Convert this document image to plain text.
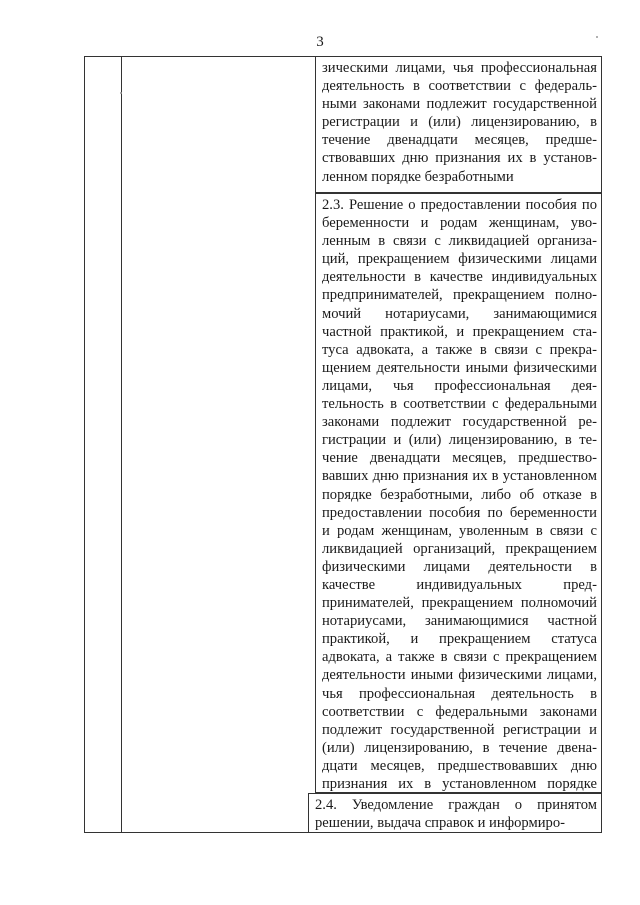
3

зическими лицами, чья профессиональная деятельность в соответствии с федеральными законами подлежит государственной регистрации и (или) лицензированию, в течение двенадцати месяцев, предшествовавших дню признания их в установленном порядке безработными

2.3. Решение о предоставлении пособия по беременности и родам женщинам, уволенным в связи с ликвидацией организаций, прекращением физическими лицами деятельности в качестве индивидуальных предпринимателей, прекращением полномочий нотариусами, занимающимися частной практикой, и прекращением статуса адвоката, а также в связи с прекращением деятельности иными физическими лицами, чья профессиональная деятельность в соответствии с федеральными законами подлежит государственной регистрации и (или) лицензированию, в течение двенадцати месяцев, предшествовавших дню признания их в установленном порядке безработными, либо об отказе в предоставлении пособия по беременности и родам женщинам, уволенным в связи с ликвидацией организаций, прекращением физическими лицами деятельности в качестве индивидуальных предпринимателей, прекращением полномочий нотариусами, занимающимися частной практикой, и прекращением статуса адвоката, а также в связи с прекращением деятельности иными физическими лицами, чья профессиональная деятельность в соответствии с федеральными законами подлежит государственной регистрации и (или) лицензированию, в течение двенадцати месяцев, предшествовавших дню признания их в установленном порядке

2.4. Уведомление граждан о принятом решении, выдача справок и информиро-
